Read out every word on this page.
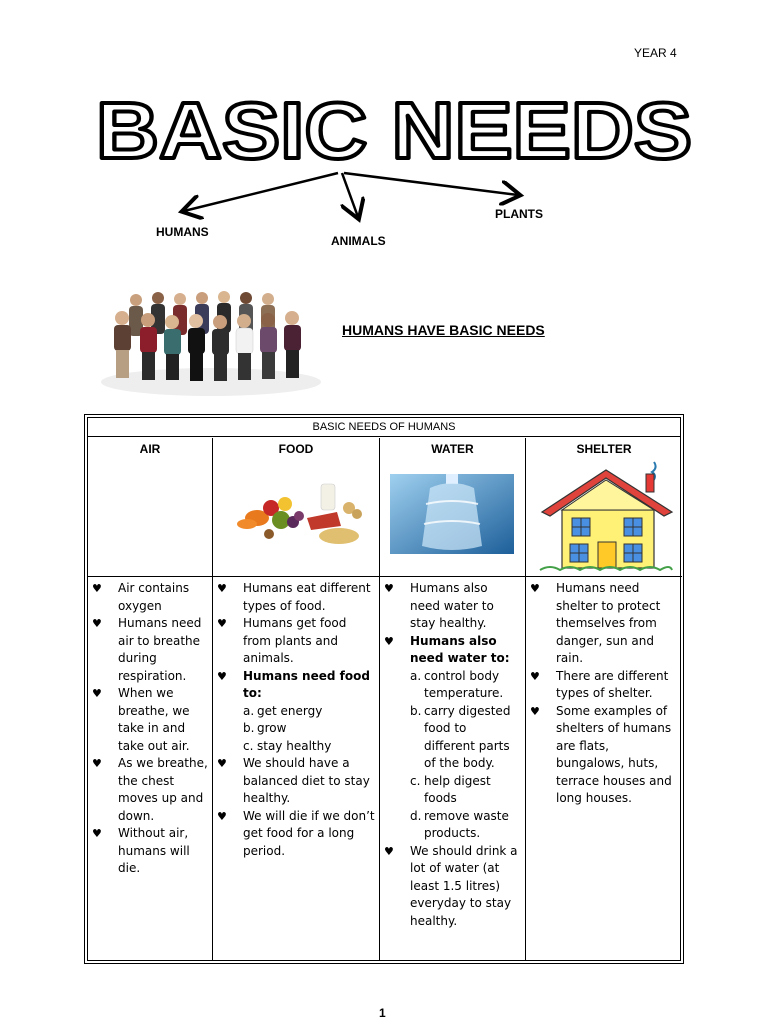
YEAR 4
BASIC NEEDS
HUMANS
ANIMALS
PLANTS
HUMANS HAVE BASIC NEEDS
BASIC NEEDS OF HUMANS
AIR
♥ Air contains oxygen
♥ Humans need air to breathe during respiration.
♥ When we breathe, we take in and take out air.
♥ As we breathe, the chest moves up and down.
♥ Without air, humans will die.
FOOD
♥ Humans eat different types of food.
♥ Humans get food from plants and animals.
♥ Humans need food to:
a. get energy
b. grow
c. stay healthy
♥ We should have a balanced diet to stay healthy.
♥ We will die if we don’t get food for a long period.
WATER
♥ Humans also need water to stay healthy.
♥ Humans also need water to:
a. control body temperature.
b. carry digested food to different parts of the body.
c. help digest foods
d. remove waste products.
♥ We should drink a lot of water (at least 1.5 litres) everyday to stay healthy.
SHELTER
♥ Humans need shelter to protect themselves from danger, sun and rain.
♥ There are different types of shelter.
♥ Some examples of shelters of humans are flats, bungalows, huts, terrace houses and long houses.
1
